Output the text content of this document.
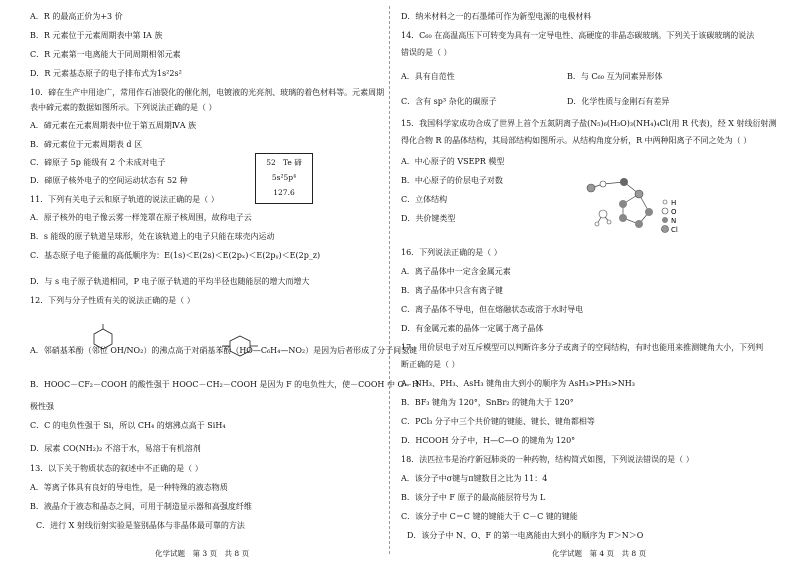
A．R 的最高正价为+3 价
B．R 元素位于元素周期表中第 IA 族
C．R 元素第一电离能大于同周期相邻元素
D．R 元素基态原子的电子排布式为1s²2s²
10．碲在生产中用途广，常用作石油裂化的催化剂，电镀液的光亮剂、玻璃的着色材料等。元素周期
表中碲元素的数据如图所示。下列说法正确的是（ ）
A．碲元素在元素周期表中位于第五周期ⅣA 族
B．碲元素位于元素周期表 d 区
C．碲原子 5p 能级有 2 个未成对电子
D．碲原子核外电子的空间运动状态有 52 种
52 Te 碲
5s²5p⁴
127.6
11．下列有关电子云和原子轨道的说法正确的是（ ）
A．原子核外的电子像云雾一样笼罩在原子核周围，故称电子云
B．s 能级的原子轨道呈球形，处在该轨道上的电子只能在球壳内运动
C．基态原子电子能量的高低顺序为：E(1s)＜E(2s)＜E(2pₓ)＜E(2pᵧ)＜E(2p_z)
D．与 s 电子原子轨道相同，P 电子原子轨道的平均半径也随能层的增大而增大
12．下列与分子性质有关的说法正确的是（ ）
A．邻硝基苯酚（邻位 OH/NO₂）的沸点高于对硝基苯酚（HO—C₆H₄—NO₂）是因为后者形成了分子间氢键
B．HOOC－CF₂－COOH 的酸性强于 HOOC－CH₂－COOH 是因为 F 的电负性大，使－COOH 中 O－H
极性强
C．C 的电负性强于 Si，所以 CH₄ 的熔沸点高于 SiH₄
D．尿素 CO(NH₂)₂ 不溶于水，易溶于有机溶剂
13．以下关于物质状态的叙述中不正确的是（ ）
A．等离子体具有良好的导电性，是一种特殊的液态物质
B．液晶介于液态和晶态之间，可用于制造显示器和高强度纤维
C．进行 X 射线衍射实验是鉴别晶体与非晶体最可靠的方法
化学试题　第 3 页　共 8 页
D．纳米材料之一的石墨烯可作为新型电源的电极材料
14．C₆₀ 在高温高压下可转变为具有一定导电性、高硬度的非晶态碳玻璃。下列关于该碳玻璃的说法
错误的是（ ）
A．具有自范性	B．与 C₆₀ 互为同素异形体
C．含有 sp³ 杂化的碳原子	D．化学性质与金刚石有差异
15．我国科学家成功合成了世界上首个五氮阴离子盐(N₅)₆(H₃O)₃(NH₄)₄Cl(用 R 代表)，经 X 射线衍射测
得化合物 R 的晶体结构，其局部结构如图所示。从结构角度分析，R 中两种阳离子不同之处为（ ）
A．中心原子的 VSEPR 模型
B．中心原子的价层电子对数
C．立体结构
D．共价键类型
H
O
N
Cl
16．下列说法正确的是（ ）
A．离子晶体中一定含金属元素
B．离子晶体中只含有离子键
C．离子晶体不导电，但在熔融状态或溶于水时导电
D．有金属元素的晶体一定属于离子晶体
17．用价层电子对互斥模型可以判断许多分子或离子的空间结构，有时也能用来推测键角大小，下列判
断正确的是（ ）
A．NH₃、PH₃、AsH₃ 键角由大到小的顺序为 AsH₃>PH₃>NH₃
B．BF₃ 键角为 120°，SnBr₂ 的键角大于 120°
C．PCl₃ 分子中三个共价键的键能、键长、键角都相等
D．HCOOH 分子中，H—C—O 的键角为 120°
18．法匹拉韦是治疗新冠肺炎的一种药物，结构简式如图，下列说法错误的是（ ）
A．该分子中σ键与π键数目之比为 11：4
B．该分子中 F 原子的最高能层符号为 L
C．该分子中 C＝C 键的键能大于 C－C 键的键能
D．该分子中 N、O、F 的第一电离能由大到小的顺序为 F＞N＞O
化学试题　第 4 页　共 8 页
